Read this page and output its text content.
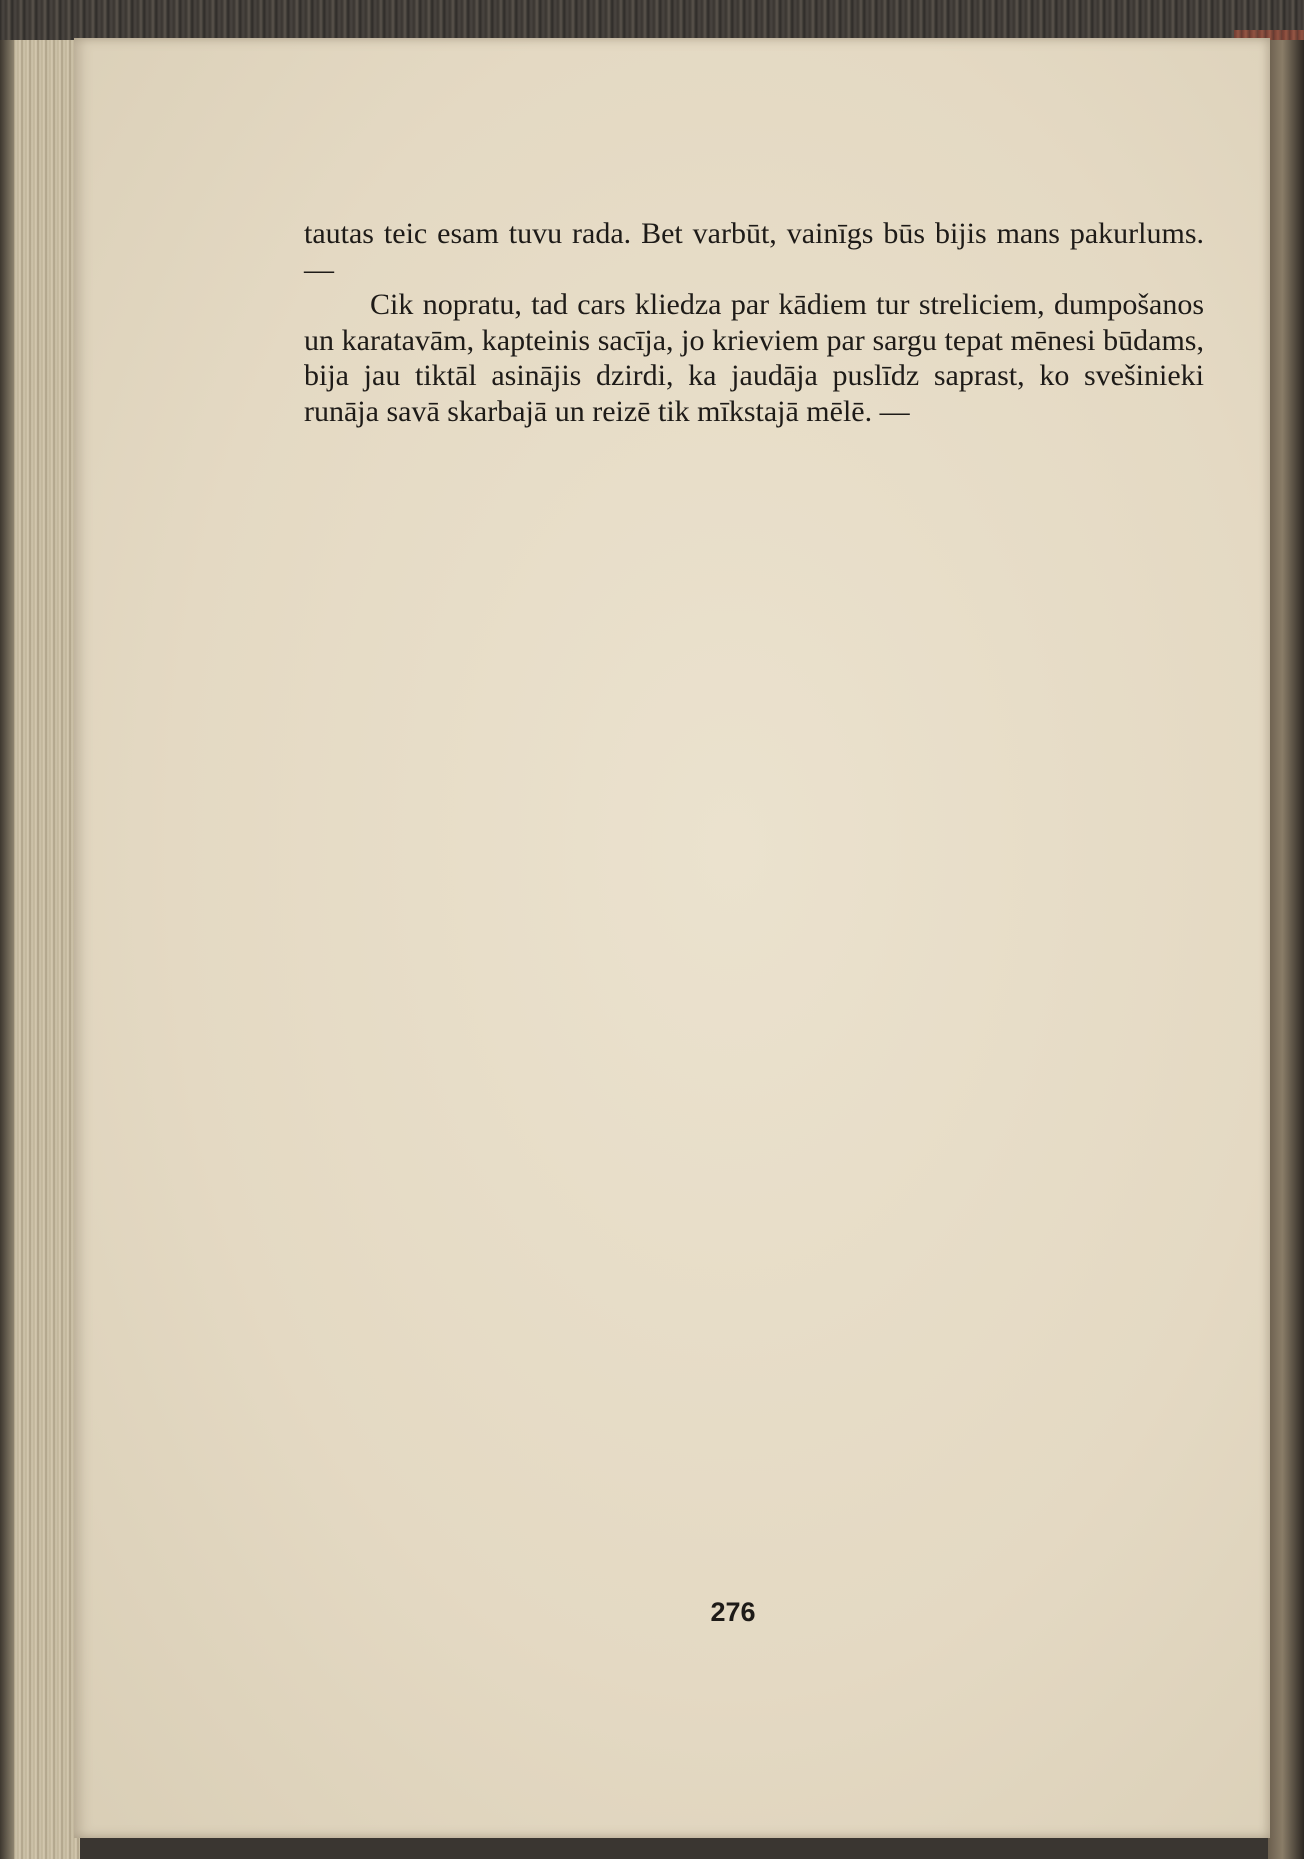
tautas teic esam tuvu rada. Bet varbūt, vainīgs būs bijis mans pakurlums. —

Cik nopratu, tad cars kliedza par kādiem tur streliciem, dumpošanos un karatavām, kapteinis sacīja, jo krieviem par sargu tepat mēnesi būdams, bija jau tiktāl asinājis dzirdi, ka jaudāja puslīdz saprast, ko svešinieki runāja savā skarbajā un reizē tik mīkstajā mēlē. —

276
